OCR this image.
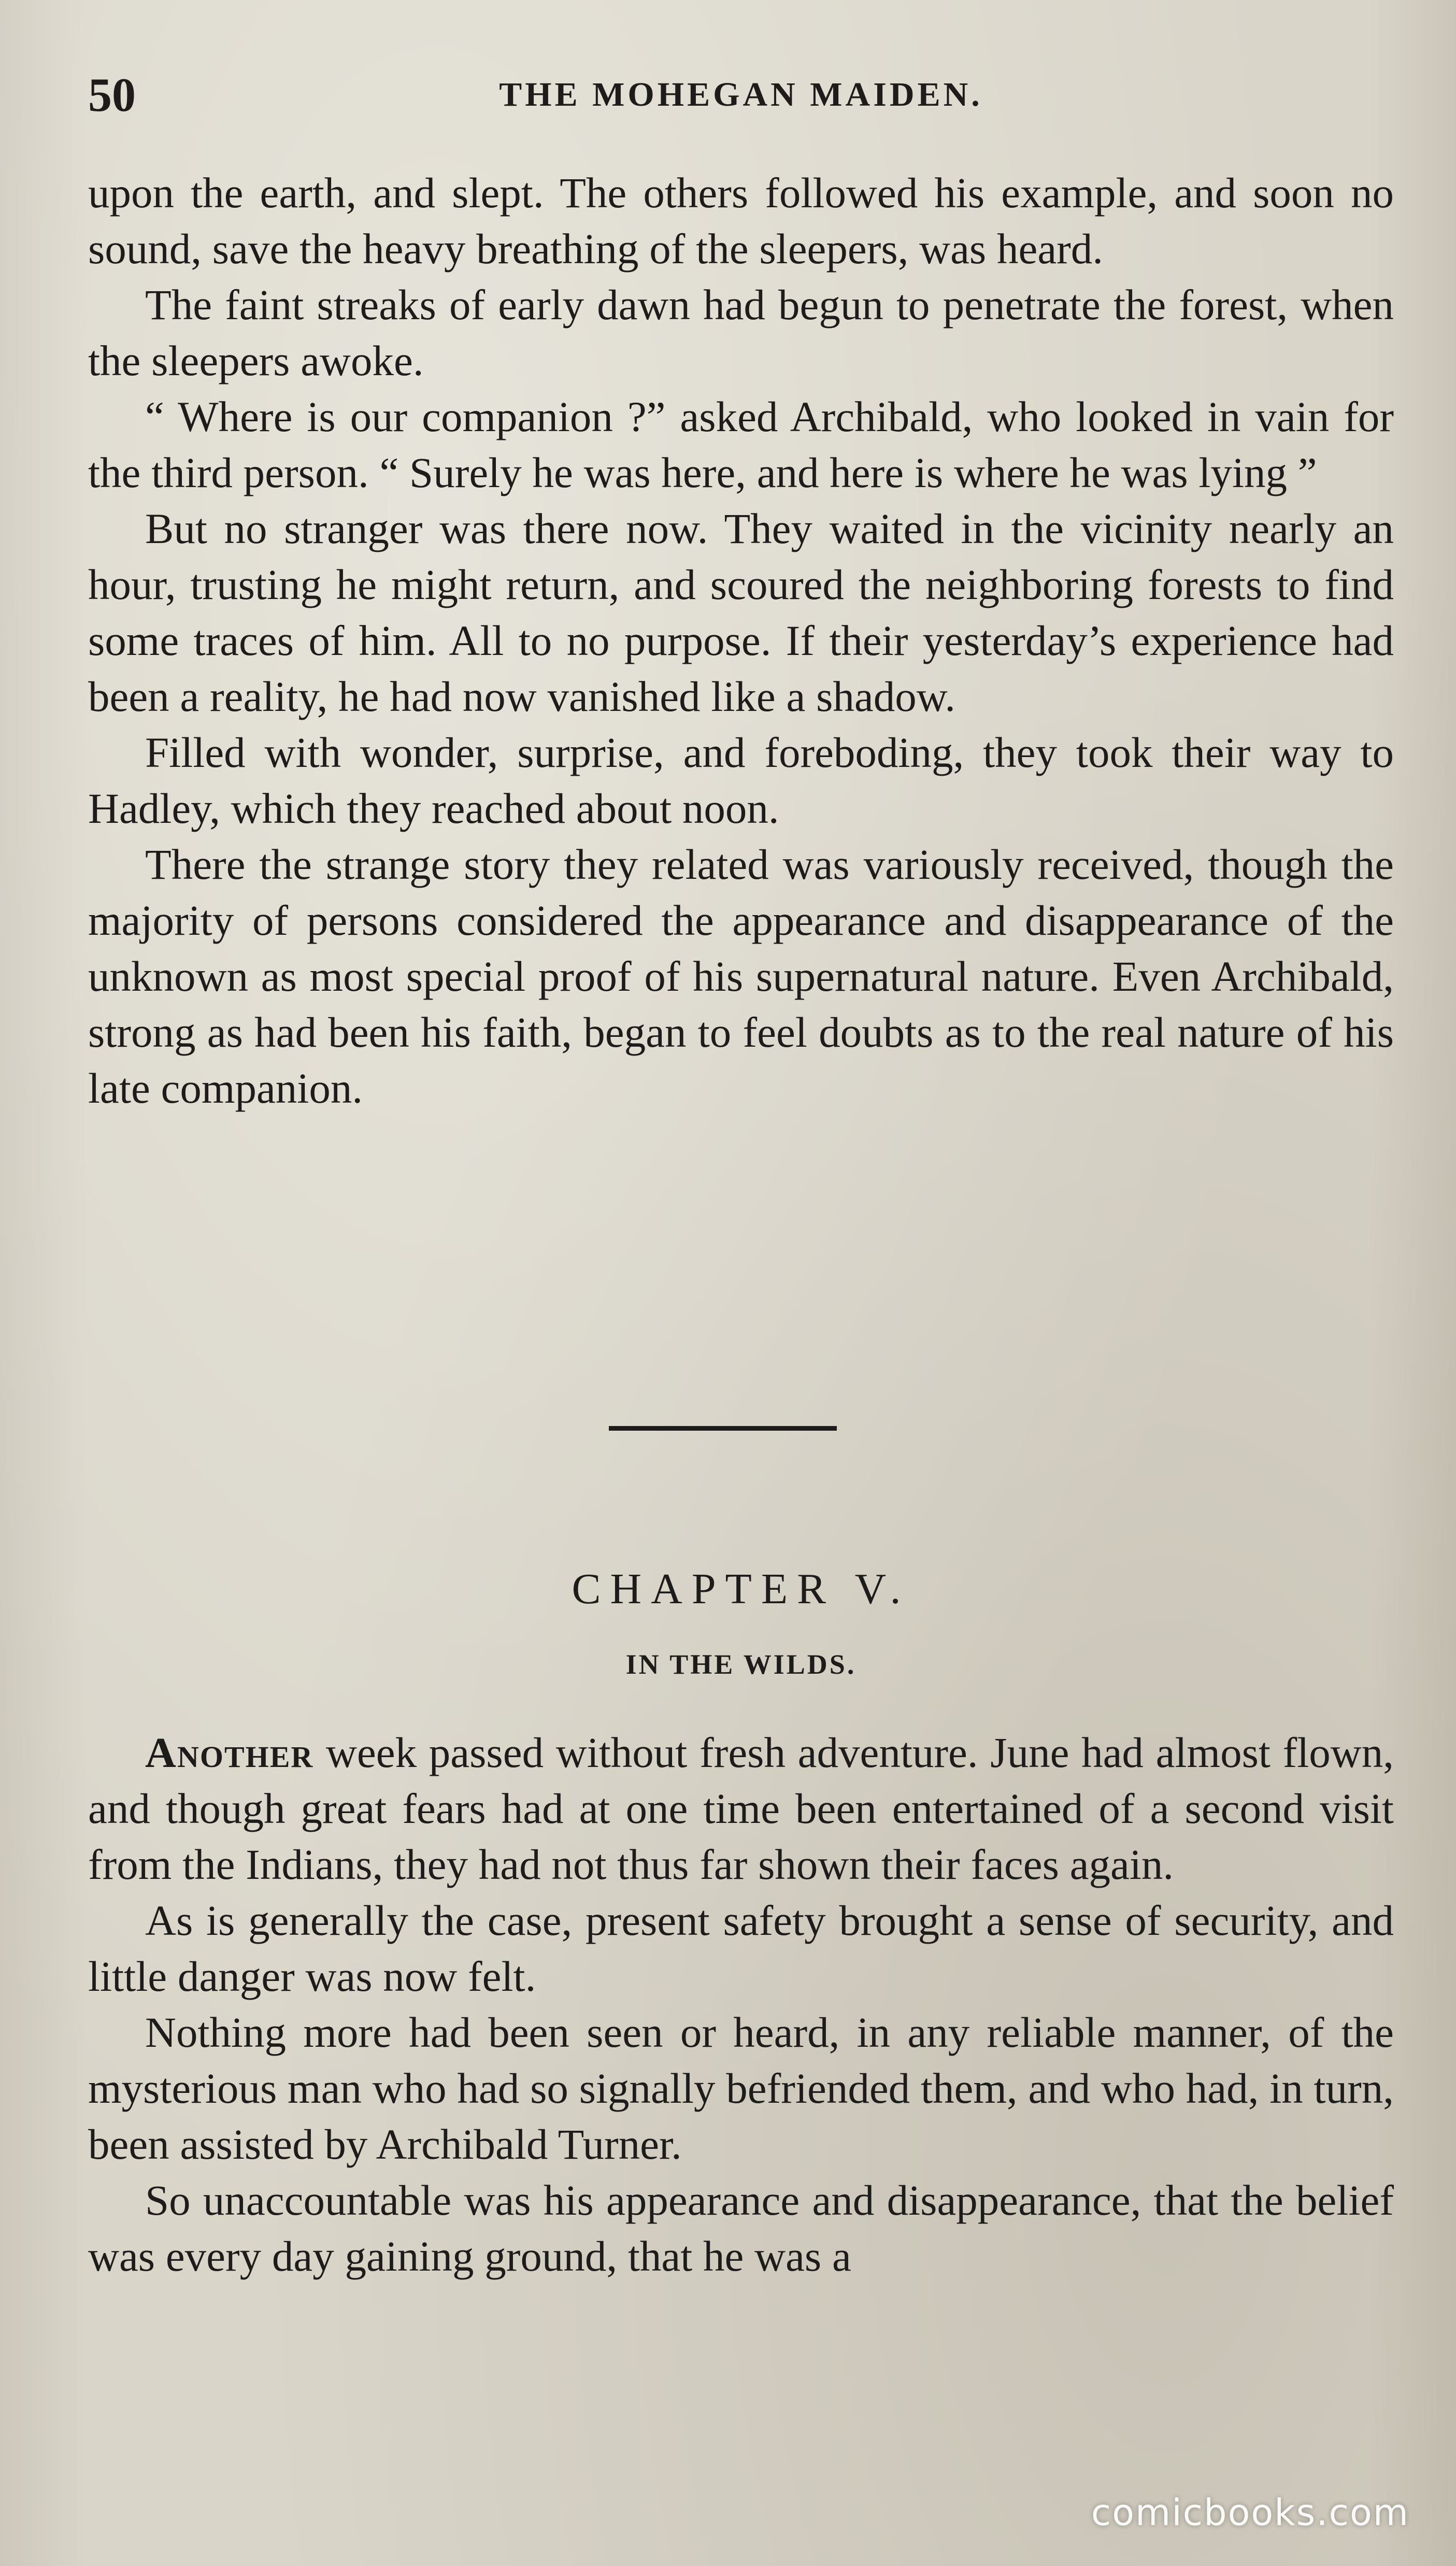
50	THE MOHEGAN MAIDEN.

upon the earth, and slept. The others followed his example, and soon no sound, save the heavy breathing of the sleepers, was heard.

The faint streaks of early dawn had begun to penetrate the forest, when the sleepers awoke.

“ Where is our companion ?” asked Archibald, who looked in vain for the third person. “ Surely he was here, and here is where he was lying ”

But no stranger was there now. They waited in the vicinity nearly an hour, trusting he might return, and scoured the neighboring forests to find some traces of him. All to no purpose. If their yesterday’s experience had been a reality, he had now vanished like a shadow.

Filled with wonder, surprise, and foreboding, they took their way to Hadley, which they reached about noon.

There the strange story they related was variously received, though the majority of persons considered the appearance and disappearance of the unknown as most special proof of his supernatural nature. Even Archibald, strong as had been his faith, began to feel doubts as to the real nature of his late companion.

CHAPTER V.
IN THE WILDS.

Another week passed without fresh adventure. June had almost flown, and though great fears had at one time been entertained of a second visit from the Indians, they had not thus far shown their faces again.

As is generally the case, present safety brought a sense of security, and little danger was now felt.

Nothing more had been seen or heard, in any reliable manner, of the mysterious man who had so signally befriended them, and who had, in turn, been assisted by Archibald Turner.

So unaccountable was his appearance and disappearance, that the belief was every day gaining ground, that he was a

comicbooks.com
